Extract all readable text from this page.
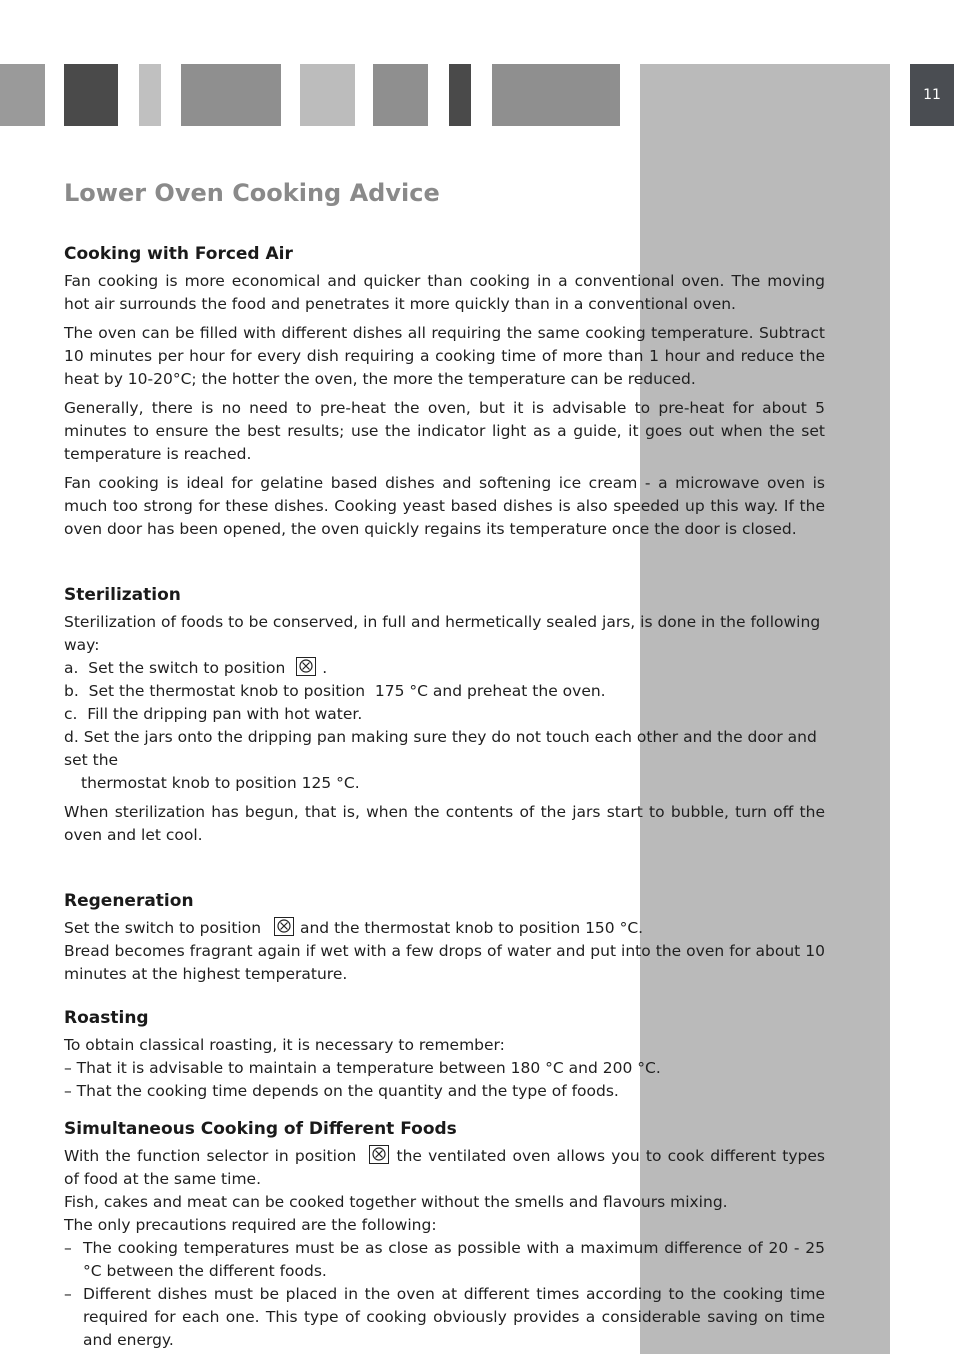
11
Lower Oven Cooking Advice
Cooking with Forced Air

Fan cooking is more economical and quicker than cooking in a conventional oven. The moving hot air surrounds the food and penetrates it more quickly than in a conventional oven.

The oven can be filled with different dishes all requiring the same cooking temperature. Subtract 10 minutes per hour for every dish requiring a cooking time of more than 1 hour and reduce the heat by 10-20°C; the hotter the oven, the more the temperature can be reduced.

Generally, there is no need to pre-heat the oven, but it is advisable to pre-heat for about 5 minutes to ensure the best results; use the indicator light as a guide, it goes out when the set temperature is reached.

Fan cooking is ideal for gelatine based dishes and softening ice cream - a microwave oven is much too strong for these dishes. Cooking yeast based dishes is also speeded up this way. If the oven door has been opened, the oven quickly regains its temperature once the door is closed.

Sterilization
Sterilization of foods to be conserved, in full and hermetically sealed jars, is done in the following way:
a.  Set the switch to position .
b.  Set the thermostat knob to position  175 °C and preheat the oven.
c.  Fill the dripping pan with hot water.
d. Set the jars onto the dripping pan making sure they do not touch each other and the door and set the
thermostat knob to position 125 °C.

When sterilization has begun, that is, when the contents of the jars start to bubble, turn off the oven and let cool.

Regeneration
Set the switch to position	and the thermostat knob to position 150 °C.

Bread becomes fragrant again if wet with a few drops of water and put into the oven for about 10 minutes at the highest temperature.

Roasting
To obtain classical roasting, it is necessary to remember:
– That it is advisable to maintain a temperature between 180 °C and 200 °C.
– That the cooking time depends on the quantity and the type of foods.
Simultaneous Cooking of Different Foods

With the function selector in position	the ventilated oven allows you to cook different types of food at the same time.

Fish, cakes and meat can be cooked together without the smells and flavours mixing.
The only precautions required are the following:
– The cooking temperatures must be as close as possible with a maximum difference of 20 - 25 °C between the different foods.
– Different dishes must be placed in the oven at different times according to the cooking time required for each one. This type of cooking obviously provides a considerable saving on time and energy.
